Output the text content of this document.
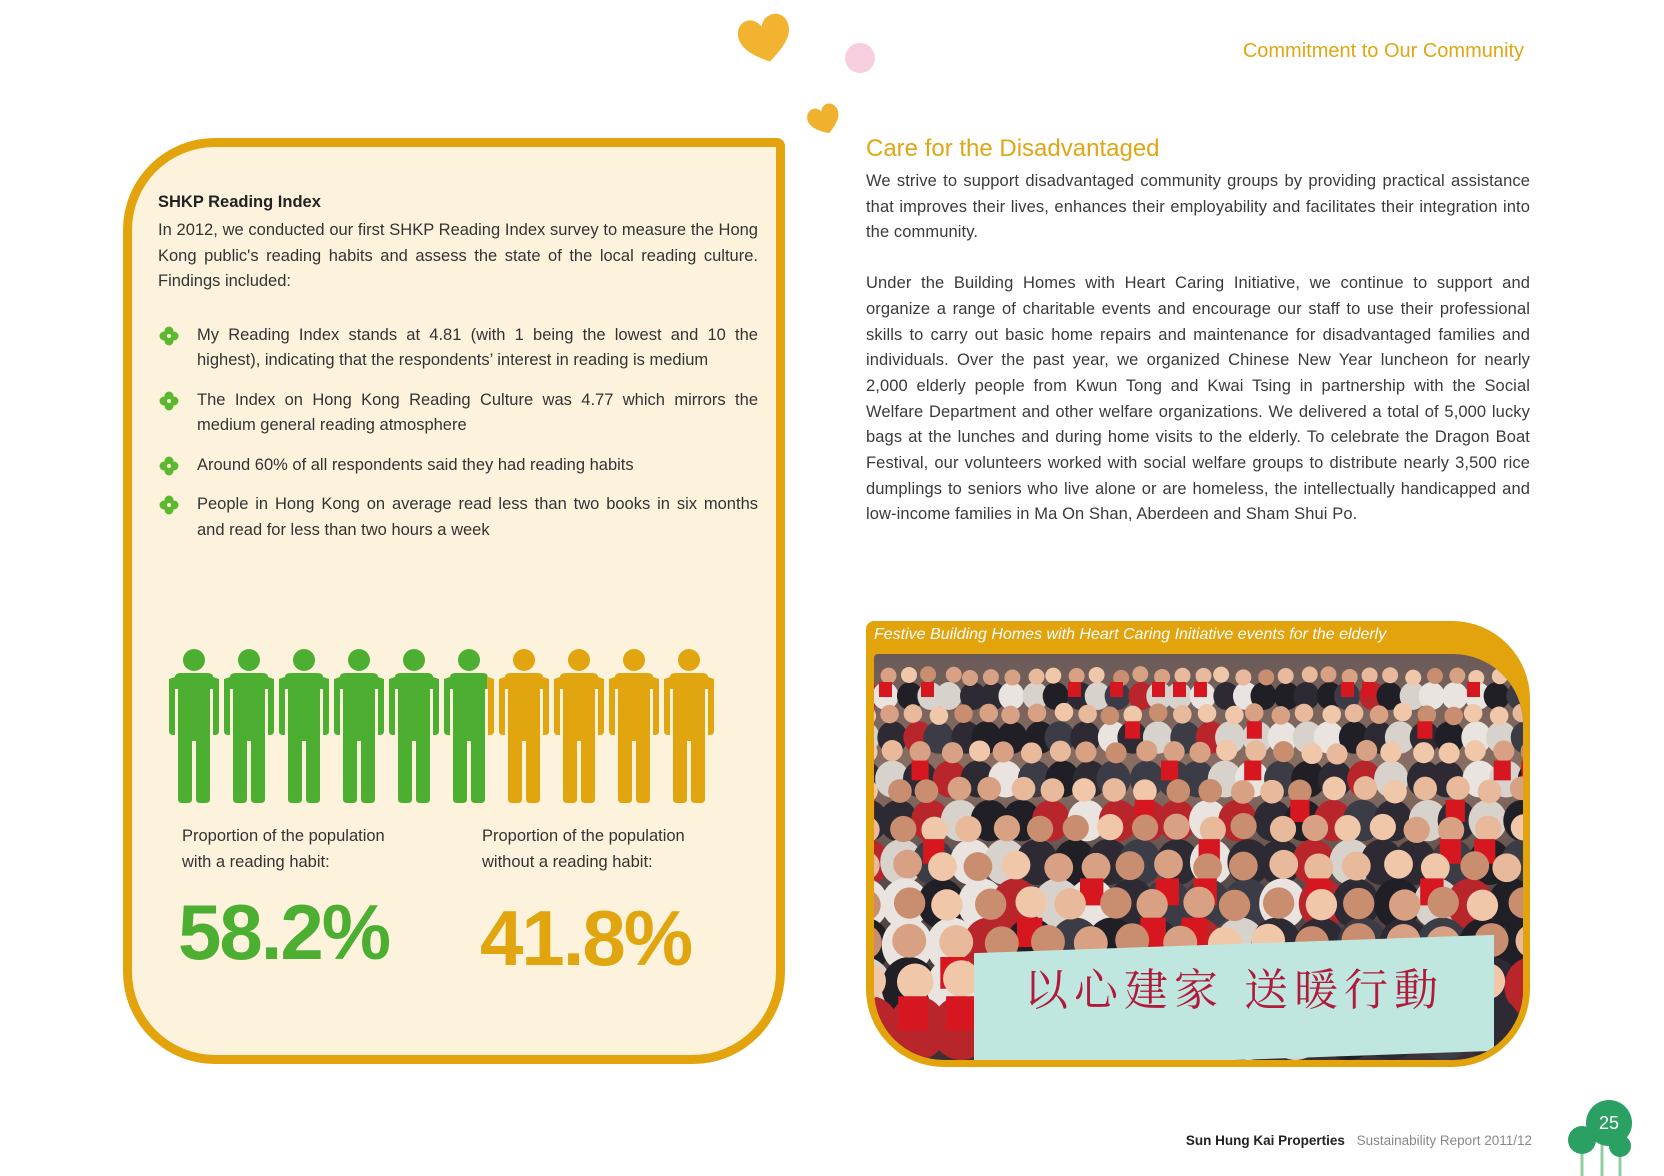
Commitment to Our Community
SHKP Reading Index
In 2012, we conducted our first SHKP Reading Index survey to measure the Hong Kong public's reading habits and assess the state of the local reading culture. Findings included:
My Reading Index stands at 4.81 (with 1 being the lowest and 10 the highest), indicating that the respondents’ interest in reading is medium
The Index on Hong Kong Reading Culture was 4.77 which mirrors the medium general reading atmosphere
Around 60% of all respondents said they had reading habits
People in Hong Kong on average read less than two books in six months and read for less than two hours a week
Proportion of the population
with a reading habit:
Proportion of the population
without a reading habit:
58.2% 41.8%
Care for the Disadvantaged

We strive to support disadvantaged community groups by providing practical assistance that improves their lives, enhances their employability and facilitates their integration into the community.

Under the Building Homes with Heart Caring Initiative, we continue to support and organize a range of charitable events and encourage our staff to use their professional skills to carry out basic home repairs and maintenance for disadvantaged families and individuals. Over the past year, we organized Chinese New Year luncheon for nearly 2,000 elderly people from Kwun Tong and Kwai Tsing in partnership with the Social Welfare Department and other welfare organizations. We delivered a total of 5,000 lucky bags at the lunches and during home visits to the elderly. To celebrate the Dragon Boat Festival, our volunteers worked with social welfare groups to distribute nearly 3,500 rice dumplings to seniors who live alone or are homeless, the intellectually handicapped and low-income families in Ma On Shan, Aberdeen and Sham Shui Po.

Festive Building Homes with Heart Caring Initiative events for the elderly
以心建家 送暖行動
Sun Hung Kai Properties Sustainability Report 2011/12
25
